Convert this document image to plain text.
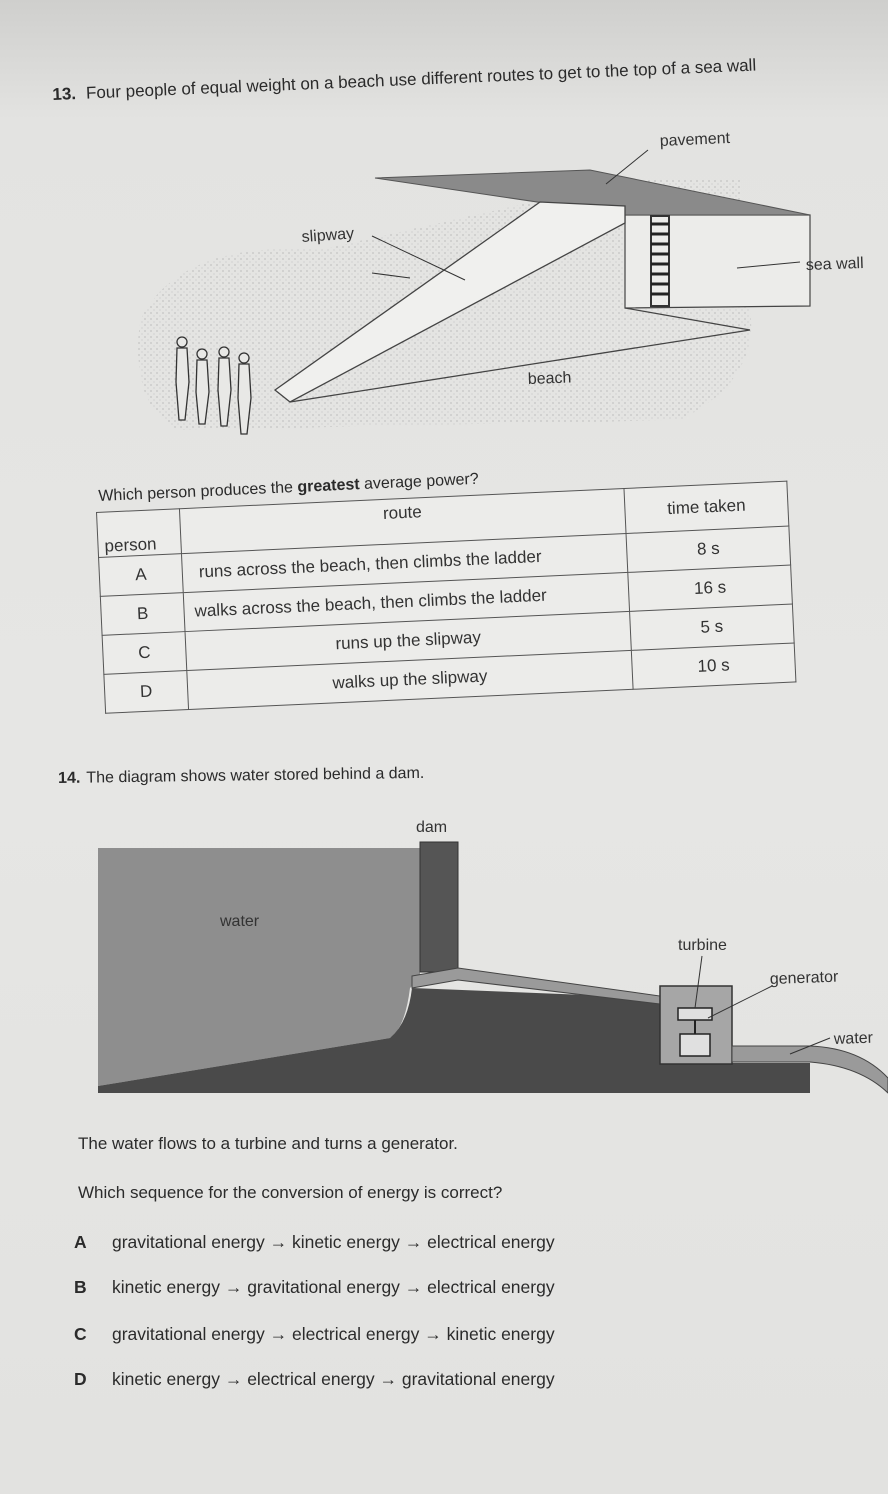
13. Four people of equal weight on a beach use different routes to get to the top of a sea wall
pavement
slipway
sea wall
beach
Which person produces the greatest average power?
person	route	time taken
A	runs across the beach, then climbs the ladder	8 s
B	walks across the beach, then climbs the ladder	16 s
C	runs up the slipway	5 s
D	walks up the slipway	10 s
14. The diagram shows water stored behind a dam.
dam
water
turbine
generator
water
The water flows to a turbine and turns a generator.
Which sequence for the conversion of energy is correct?
A gravitational energy → kinetic energy → electrical energy
B kinetic energy → gravitational energy → electrical energy
C gravitational energy → electrical energy → kinetic energy
D kinetic energy → electrical energy → gravitational energy
